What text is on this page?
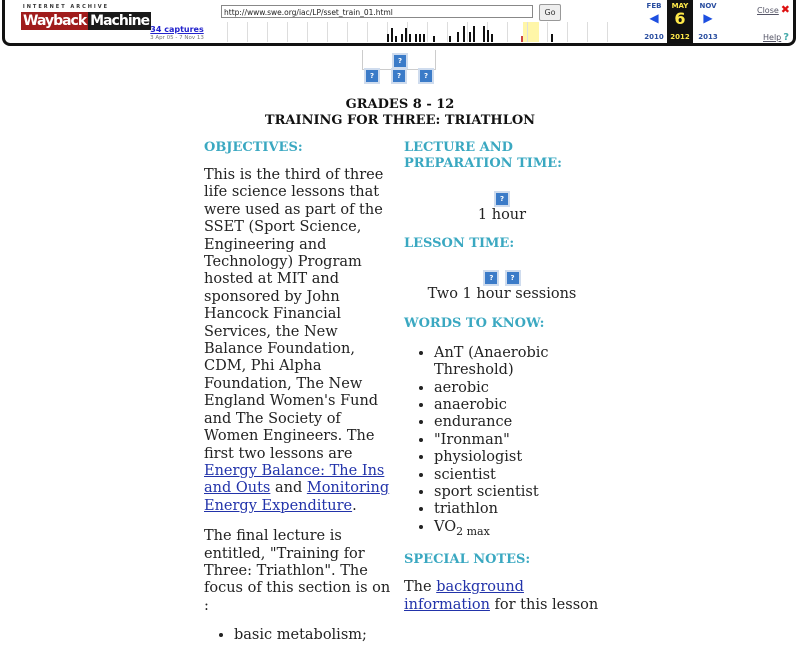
INTERNET ARCHIVE
Wayback Machine
http://www.swe.org/iac/LP/sset_train_01.html	Go
34 captures
3 Apr 05 - 7 Nov 13
FEB
◀
2010
MAY
6
2012
NOV
▶
2013
Close ✖
Help ?
?
?	?	?
GRADES 8 - 12
TRAINING FOR THREE: TRIATHLON
OBJECTIVES:

This is the third of three life science lessons that were used as part of the SSET (Sport Science, Engineering and Technology) Program hosted at MIT and sponsored by John Hancock Financial Services, the New Balance Foundation, CDM, Phi Alpha Foundation, The New England Women's Fund and The Society of Women Engineers. The first two lessons are Energy Balance: The Ins and Outs and Monitoring Energy Expenditure.

The final lecture is entitled, "Training for Three: Triathlon". The focus of this section is on :

• basic metabolism;
LECTURE AND PREPARATION TIME:
?

1 hour

LESSON TIME:
? ?

Two 1 hour sessions

WORDS TO KNOW:
• AnT (Anaerobic Threshold)
• aerobic
• anaerobic
• endurance
• "Ironman"
• physiologist
• scientist
• sport scientist
• triathlon
• $VO_{2 max}$
SPECIAL NOTES:

The background information for this lesson
